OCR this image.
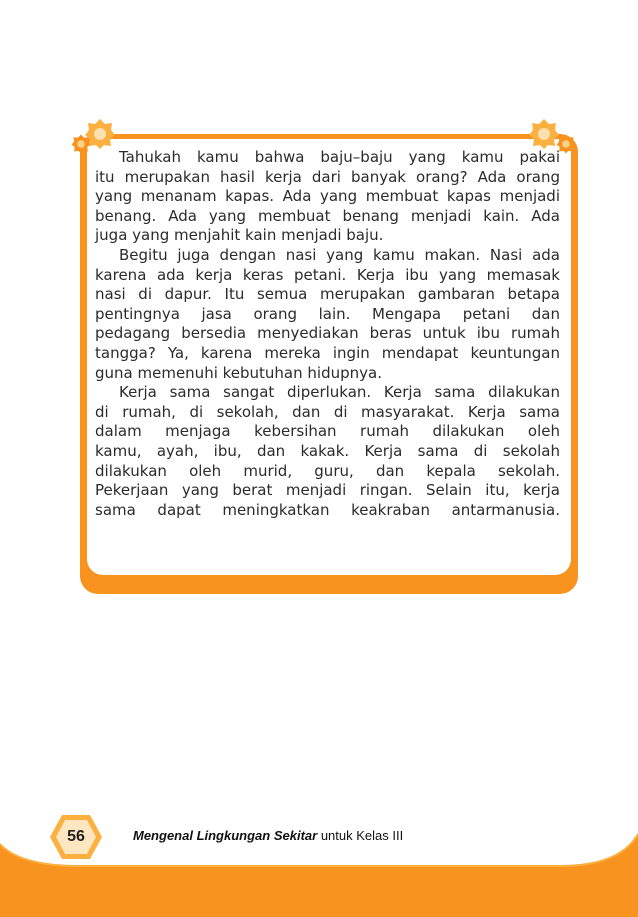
Tahukah kamu bahwa baju–baju yang kamu pakai
itu merupakan hasil kerja dari banyak orang? Ada orang
yang menanam kapas. Ada yang membuat kapas menjadi
benang. Ada yang membuat benang menjadi kain. Ada
juga yang menjahit kain menjadi baju.

Begitu juga dengan nasi yang kamu makan. Nasi ada
karena ada kerja keras petani. Kerja ibu yang memasak
nasi di dapur. Itu semua merupakan gambaran betapa
pentingnya jasa orang lain. Mengapa petani dan
pedagang bersedia menyediakan beras untuk ibu rumah
tangga? Ya, karena mereka ingin mendapat keuntungan
guna memenuhi kebutuhan hidupnya.

Kerja sama sangat diperlukan. Kerja sama dilakukan
di rumah, di sekolah, dan di masyarakat. Kerja sama
dalam menjaga kebersihan rumah dilakukan oleh
kamu, ayah, ibu, dan kakak. Kerja sama di sekolah
dilakukan oleh murid, guru, dan kepala sekolah.
Pekerjaan yang berat menjadi ringan. Selain itu, kerja
sama dapat meningkatkan keakraban antarmanusia.

56	Mengenal Lingkungan Sekitar untuk Kelas III
